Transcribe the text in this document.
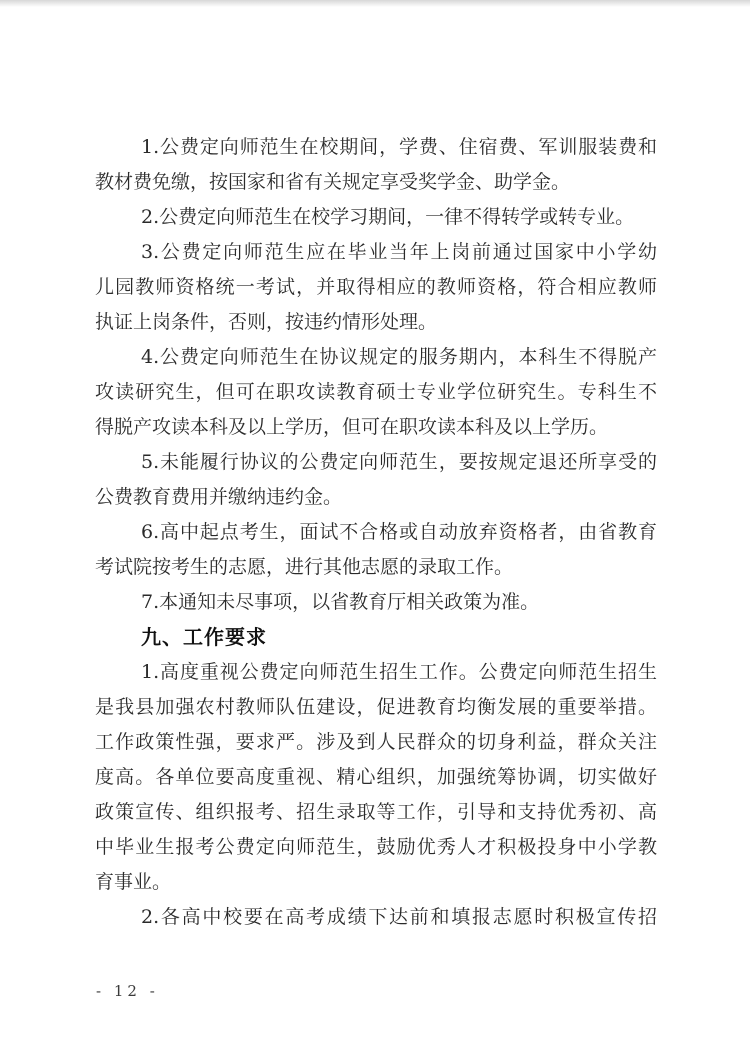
1.公费定向师范生在校期间，学费、住宿费、军训服装费和
教材费免缴，按国家和省有关规定享受奖学金、助学金。
2.公费定向师范生在校学习期间，一律不得转学或转专业。
3.公费定向师范生应在毕业当年上岗前通过国家中小学幼
儿园教师资格统一考试，并取得相应的教师资格，符合相应教师
执证上岗条件，否则，按违约情形处理。
4.公费定向师范生在协议规定的服务期内，本科生不得脱产
攻读研究生，但可在职攻读教育硕士专业学位研究生。专科生不
得脱产攻读本科及以上学历，但可在职攻读本科及以上学历。
5.未能履行协议的公费定向师范生，要按规定退还所享受的
公费教育费用并缴纳违约金。
6.高中起点考生，面试不合格或自动放弃资格者，由省教育
考试院按考生的志愿，进行其他志愿的录取工作。
7.本通知未尽事项，以省教育厅相关政策为准。
九、工作要求
1.高度重视公费定向师范生招生工作。公费定向师范生招生
是我县加强农村教师队伍建设，促进教育均衡发展的重要举措。
工作政策性强，要求严。涉及到人民群众的切身利益，群众关注
度高。各单位要高度重视、精心组织，加强统筹协调，切实做好
政策宣传、组织报考、招生录取等工作，引导和支持优秀初、高
中毕业生报考公费定向师范生，鼓励优秀人才积极投身中小学教
育事业。
2.各高中校要在高考成绩下达前和填报志愿时积极宣传招
- 12 -
